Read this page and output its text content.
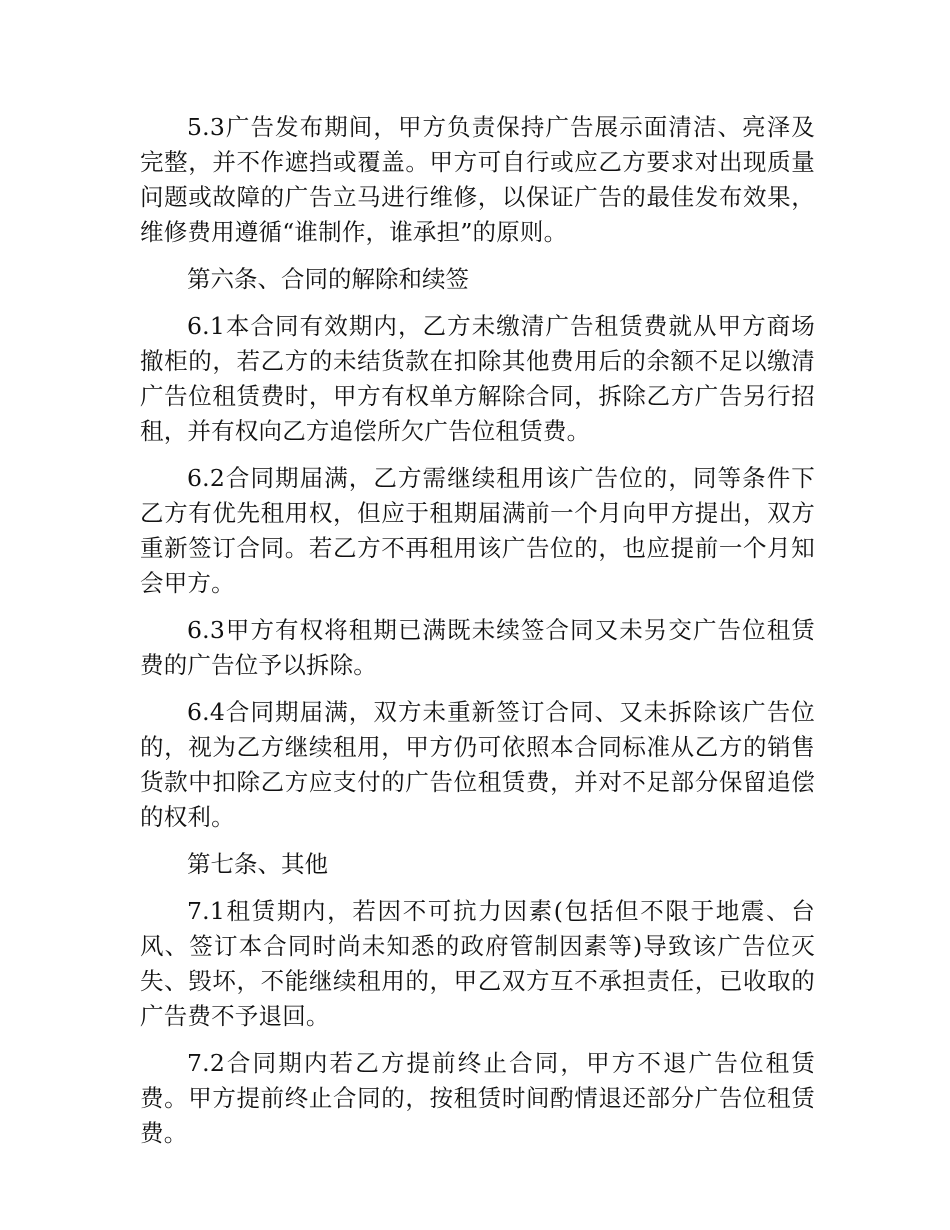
5.3广告发布期间，甲方负责保持广告展示面清洁、亮泽及完整，并不作遮挡或覆盖。甲方可自行或应乙方要求对出现质量问题或故障的广告立马进行维修，以保证广告的最佳发布效果，维修费用遵循“谁制作，谁承担”的原则。

第六条、合同的解除和续签

6.1本合同有效期内，乙方未缴清广告租赁费就从甲方商场撤柜的，若乙方的未结货款在扣除其他费用后的余额不足以缴清广告位租赁费时，甲方有权单方解除合同，拆除乙方广告另行招租，并有权向乙方追偿所欠广告位租赁费。

6.2合同期届满，乙方需继续租用该广告位的，同等条件下乙方有优先租用权，但应于租期届满前一个月向甲方提出，双方重新签订合同。若乙方不再租用该广告位的，也应提前一个月知会甲方。

6.3甲方有权将租期已满既未续签合同又未另交广告位租赁费的广告位予以拆除。

6.4合同期届满，双方未重新签订合同、又未拆除该广告位的，视为乙方继续租用，甲方仍可依照本合同标准从乙方的销售货款中扣除乙方应支付的广告位租赁费，并对不足部分保留追偿的权利。

第七条、其他

7.1租赁期内，若因不可抗力因素(包括但不限于地震、台风、签订本合同时尚未知悉的政府管制因素等)导致该广告位灭失、毁坏，不能继续租用的，甲乙双方互不承担责任，已收取的广告费不予退回。

7.2合同期内若乙方提前终止合同，甲方不退广告位租赁费。甲方提前终止合同的，按租赁时间酌情退还部分广告位租赁费。
